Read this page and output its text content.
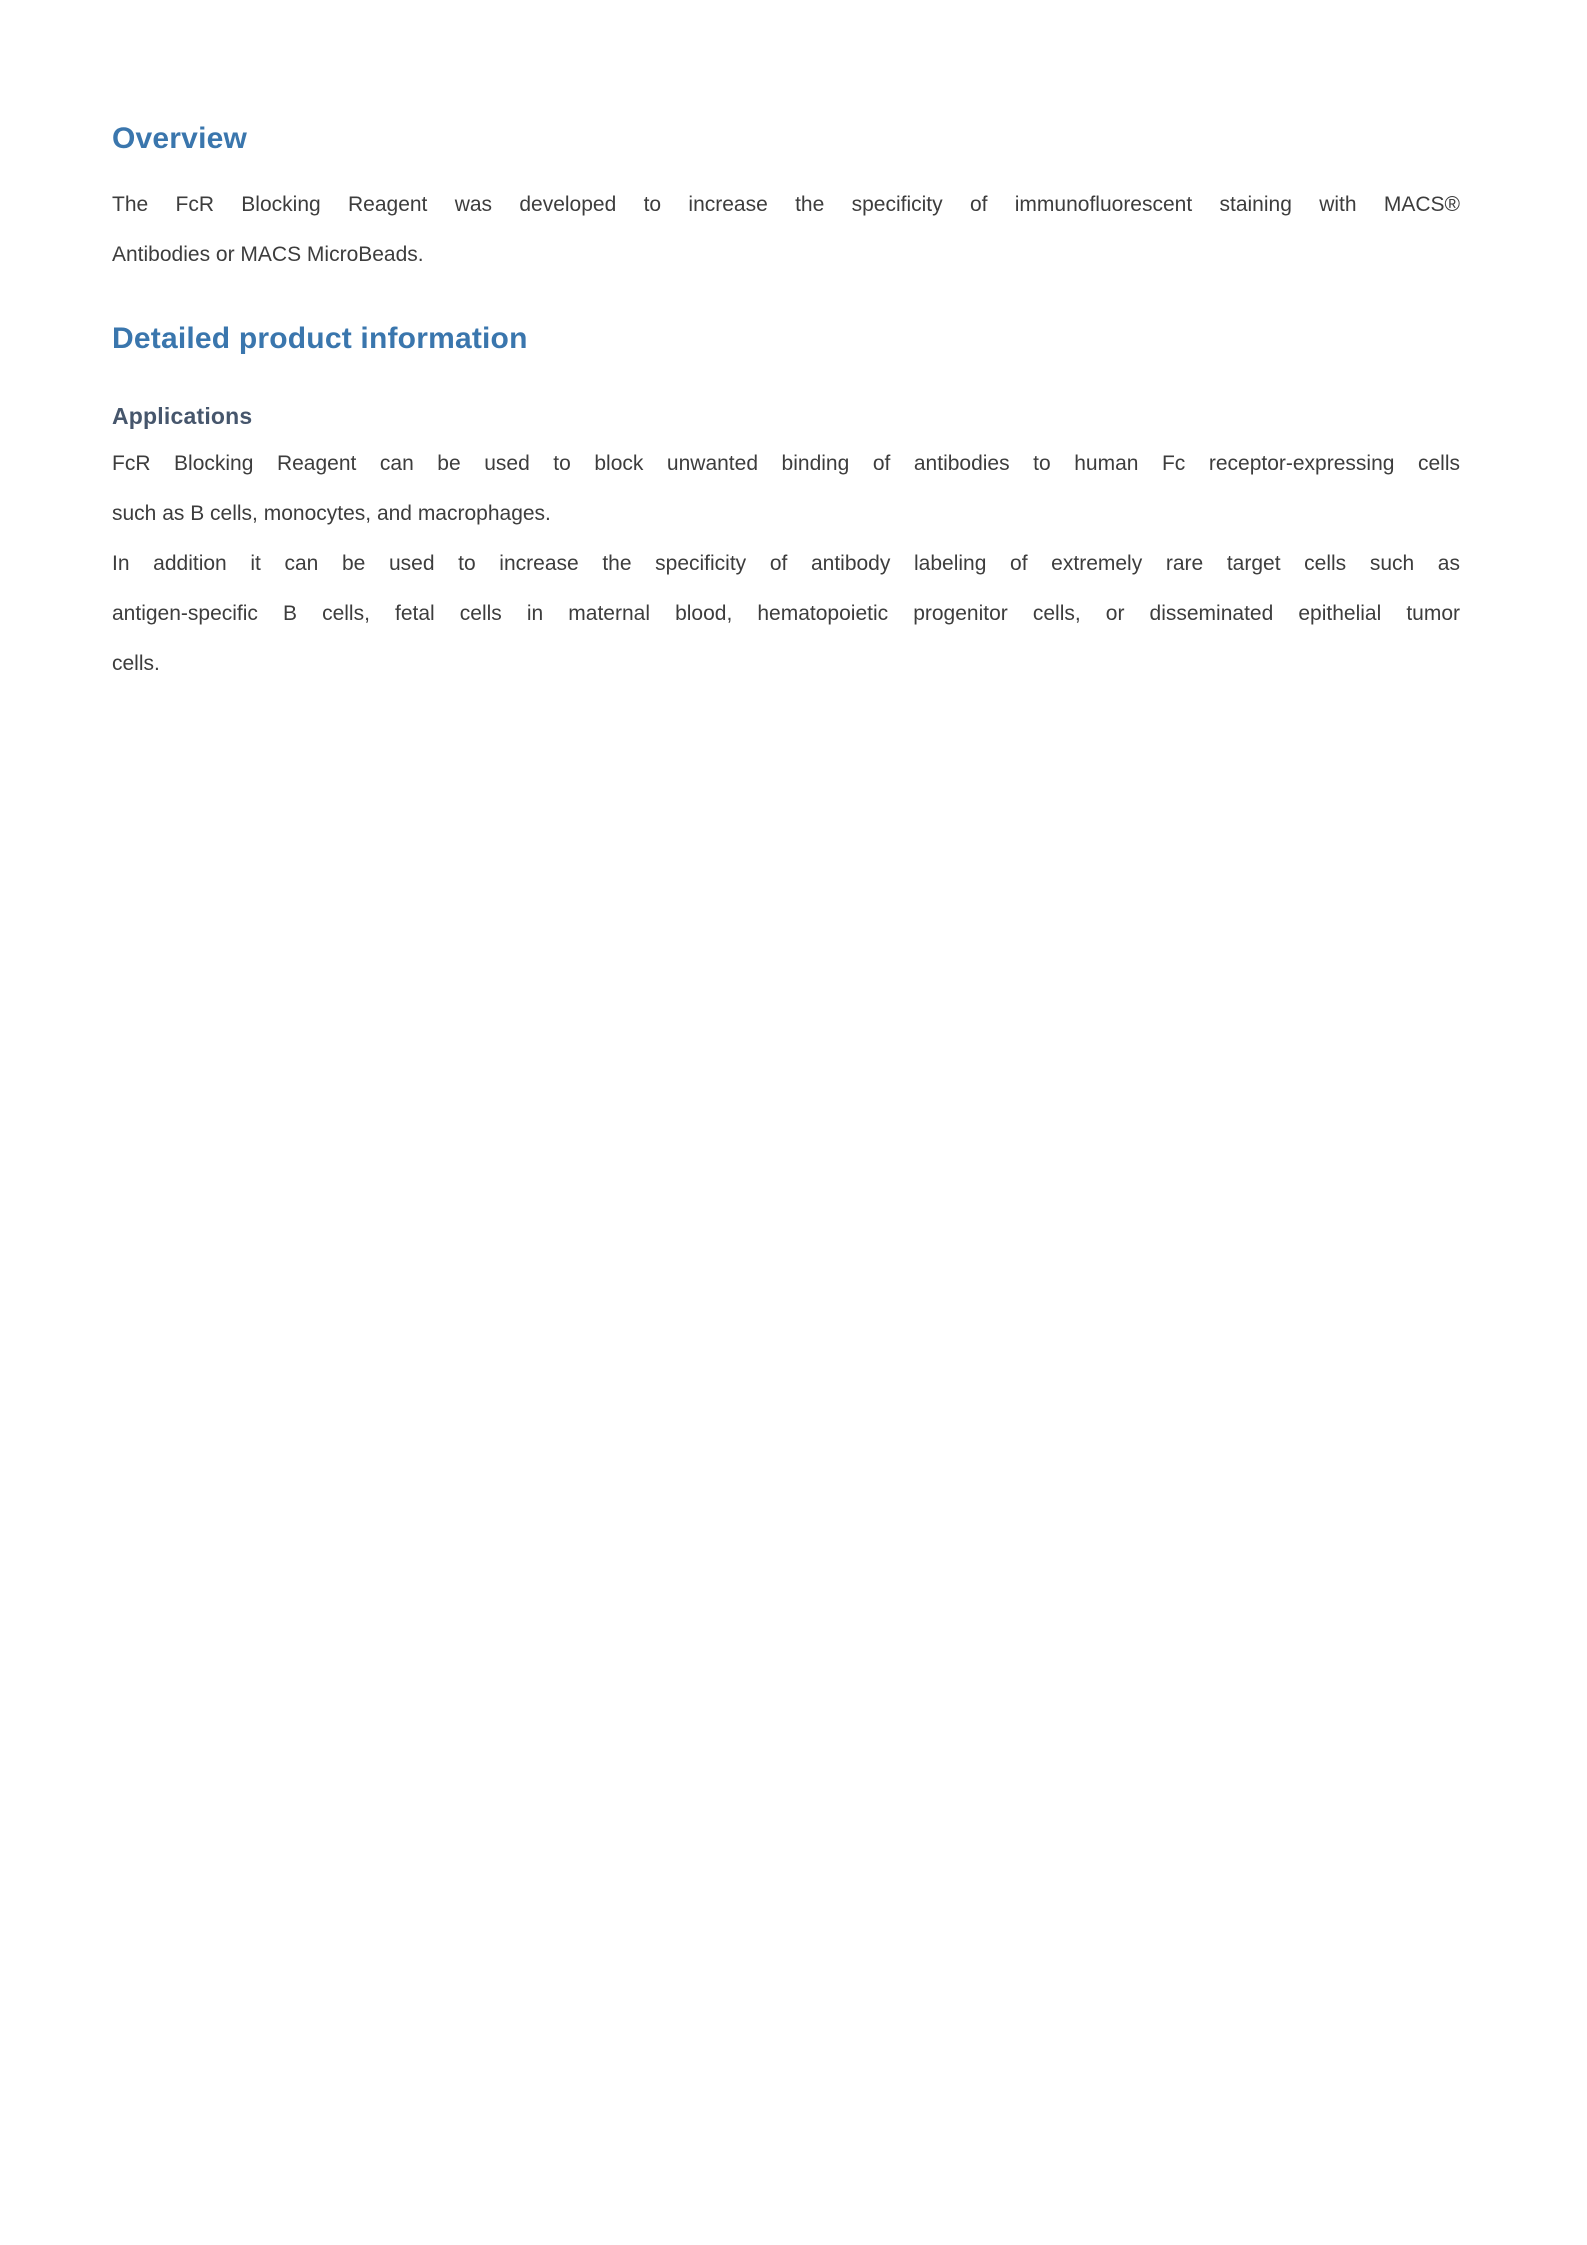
Overview
The FcR Blocking Reagent was developed to increase the specificity of immunofluorescent staining with MACS®
Antibodies or MACS MicroBeads.
Detailed product information
Applications
FcR Blocking Reagent can be used to block unwanted binding of antibodies to human Fc receptor-expressing cells
such as B cells, monocytes, and macrophages.
In addition it can be used to increase the specificity of antibody labeling of extremely rare target cells such as
antigen-specific B cells, fetal cells in maternal blood, hematopoietic progenitor cells, or disseminated epithelial tumor
cells.
